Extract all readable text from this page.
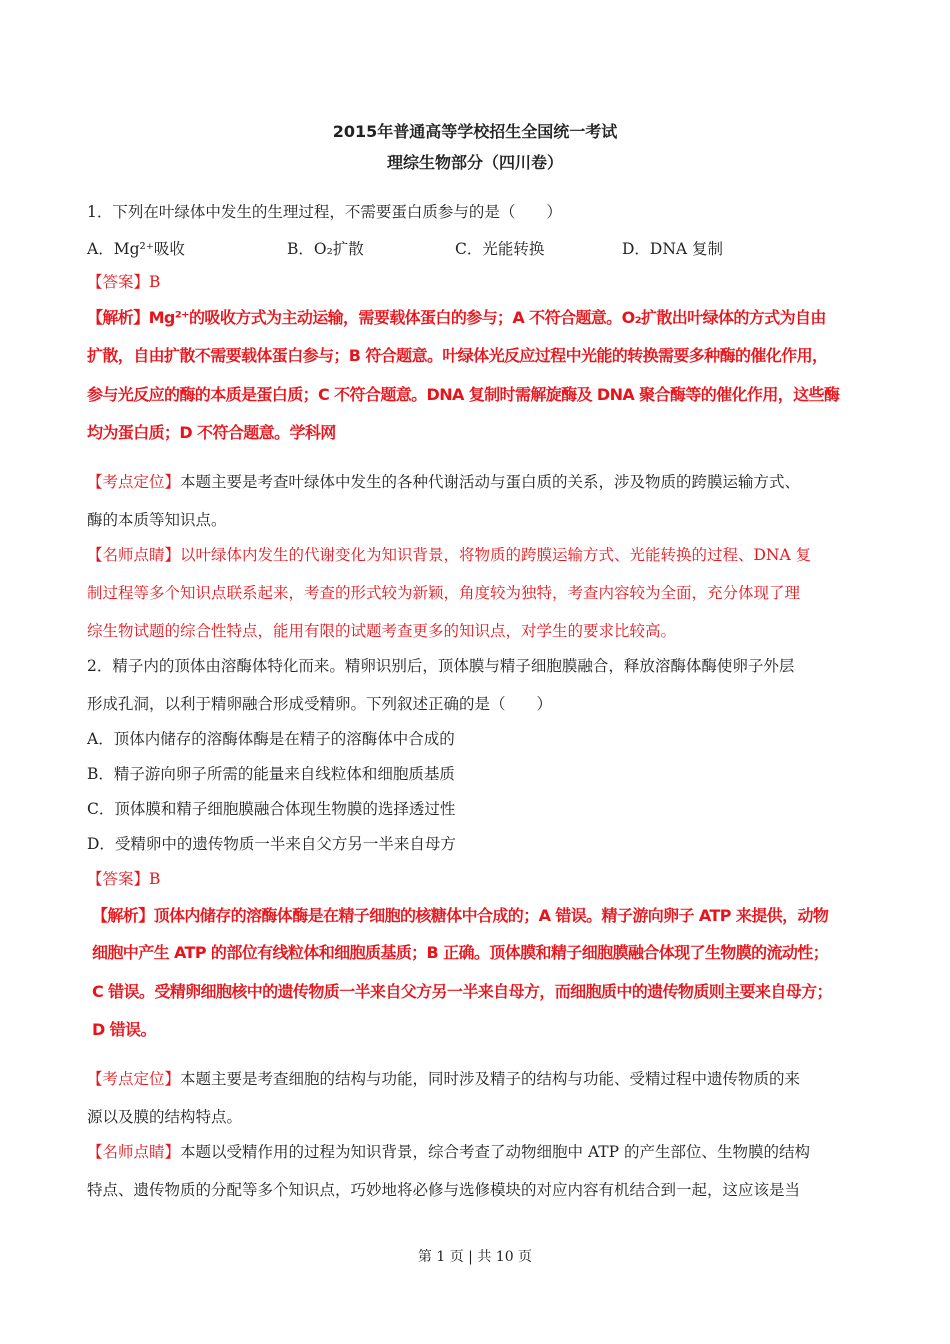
2015年普通高等学校招生全国统一考试
理综生物部分（四川卷）
1．下列在叶绿体中发生的生理过程，不需要蛋白质参与的是（　　）
A．Mg²⁺吸收	B．O₂扩散	C．光能转换	D．DNA 复制
【答案】B
【解析】Mg²⁺的吸收方式为主动运输，需要载体蛋白的参与；A 不符合题意。O₂扩散出叶绿体的方式为自由
扩散，自由扩散不需要载体蛋白参与；B 符合题意。叶绿体光反应过程中光能的转换需要多种酶的催化作用，
参与光反应的酶的本质是蛋白质；C 不符合题意。DNA 复制时需解旋酶及 DNA 聚合酶等的催化作用，这些酶
均为蛋白质；D 不符合题意。学科网
【考点定位】本题主要是考查叶绿体中发生的各种代谢活动与蛋白质的关系，涉及物质的跨膜运输方式、
酶的本质等知识点。
【名师点睛】以叶绿体内发生的代谢变化为知识背景，将物质的跨膜运输方式、光能转换的过程、DNA 复
制过程等多个知识点联系起来，考查的形式较为新颖，角度较为独特，考查内容较为全面，充分体现了理
综生物试题的综合性特点，能用有限的试题考查更多的知识点，对学生的要求比较高。
2．精子内的顶体由溶酶体特化而来。精卵识别后，顶体膜与精子细胞膜融合，释放溶酶体酶使卵子外层
形成孔洞，以利于精卵融合形成受精卵。下列叙述正确的是（　　）
A．顶体内储存的溶酶体酶是在精子的溶酶体中合成的
B．精子游向卵子所需的能量来自线粒体和细胞质基质
C．顶体膜和精子细胞膜融合体现生物膜的选择透过性
D．受精卵中的遗传物质一半来自父方另一半来自母方
【答案】B
【解析】顶体内储存的溶酶体酶是在精子细胞的核糖体中合成的；A 错误。精子游向卵子 ATP 来提供，动物
细胞中产生 ATP 的部位有线粒体和细胞质基质；B 正确。顶体膜和精子细胞膜融合体现了生物膜的流动性；
C 错误。受精卵细胞核中的遗传物质一半来自父方另一半来自母方，而细胞质中的遗传物质则主要来自母方；
D 错误。
【考点定位】本题主要是考查细胞的结构与功能，同时涉及精子的结构与功能、受精过程中遗传物质的来
源以及膜的结构特点。
【名师点睛】本题以受精作用的过程为知识背景，综合考查了动物细胞中 ATP 的产生部位、生物膜的结构
特点、遗传物质的分配等多个知识点，巧妙地将必修与选修模块的对应内容有机结合到一起，这应该是当
第 1 页 | 共 10 页
